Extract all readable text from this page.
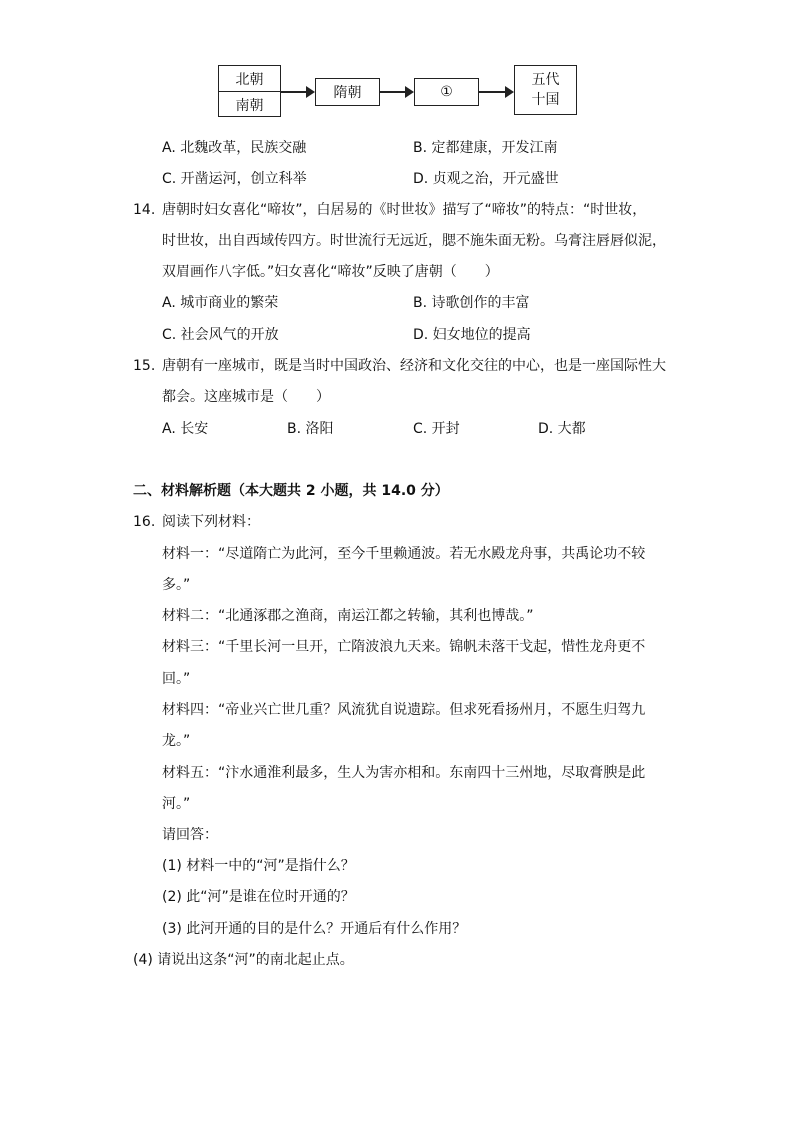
北朝
南朝
隋朝	①
五代
十国
A. 北魏改革，民族交融	B. 定都建康，开发江南
C. 开凿运河，创立科举	D. 贞观之治，开元盛世
14. 唐朝时妇女喜化“啼妆”，白居易的《时世妆》描写了“啼妆”的特点：“时世妆，
时世妆，出自西域传四方。时世流行无远近，腮不施朱面无粉。乌膏注唇唇似泥，
双眉画作八字低。”妇女喜化“啼妆”反映了唐朝（　　）
A. 城市商业的繁荣	B. 诗歌创作的丰富
C. 社会风气的开放	D. 妇女地位的提高
15. 唐朝有一座城市，既是当时中国政治、经济和文化交往的中心，也是一座国际性大
都会。这座城市是（　　）
A. 长安	B. 洛阳	C. 开封	D. 大都
二、材料解析题（本大题共 2 小题，共 14.0 分）
16. 阅读下列材料：
材料一：“尽道隋亡为此河，至今千里赖通波。若无水殿龙舟事，共禹论功不较
多。”
材料二：“北通涿郡之渔商，南运江都之转输，其利也博哉。”
材料三：“千里长河一旦开，亡隋波浪九天来。锦帆未落干戈起，惜性龙舟更不
回。”
材料四：“帝业兴亡世几重？风流犹自说遗踪。但求死看扬州月，不愿生归驾九
龙。”
材料五：“汴水通淮利最多，生人为害亦相和。东南四十三州地，尽取膏腴是此
河。”
请回答：
(1) 材料一中的“河”是指什么？
(2) 此“河”是谁在位时开通的？
(3) 此河开通的目的是什么？开通后有什么作用？
(4) 请说出这条“河”的南北起止点。
